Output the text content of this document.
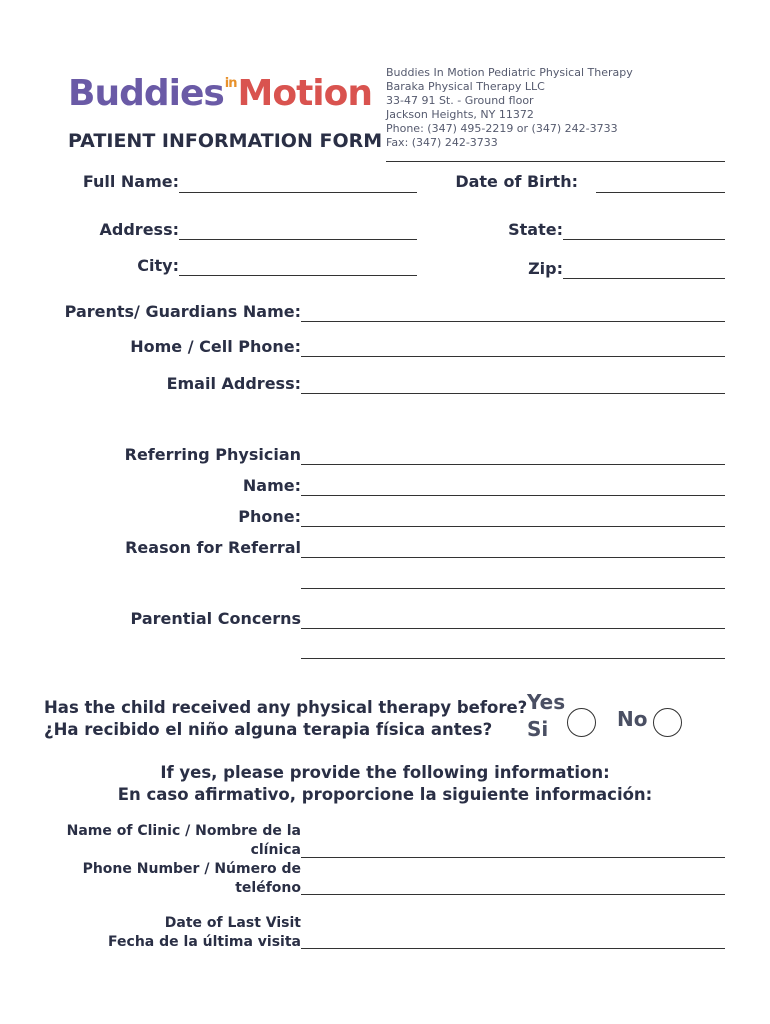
Buddies$^{in}$Motion
PATIENT INFORMATION FORM
Buddies In Motion Pediatric Physical Therapy
Baraka Physical Therapy LLC
33-47 91 St. - Ground floor
Jackson Heights, NY 11372
Phone: (347) 495-2219 or (347) 242-3733
Fax: (347) 242-3733
Full Name:	Date of Birth:
Address:	State:
City:	Zip:
Parents/ Guardians Name:
Home / Cell Phone:
Email Address:
Referring Physician
Name:
Phone:
Reason for Referral
Parential Concerns
Has the child received any physical therapy before?
¿Ha recibido el niño alguna terapia física antes?
Yes
Si	No
If yes, please provide the following information:
En caso afirmativo, proporcione la siguiente información:
Name of Clinic / Nombre de la
clínica
Phone Number / Número de
teléfono
Date of Last Visit
Fecha de la última visita
